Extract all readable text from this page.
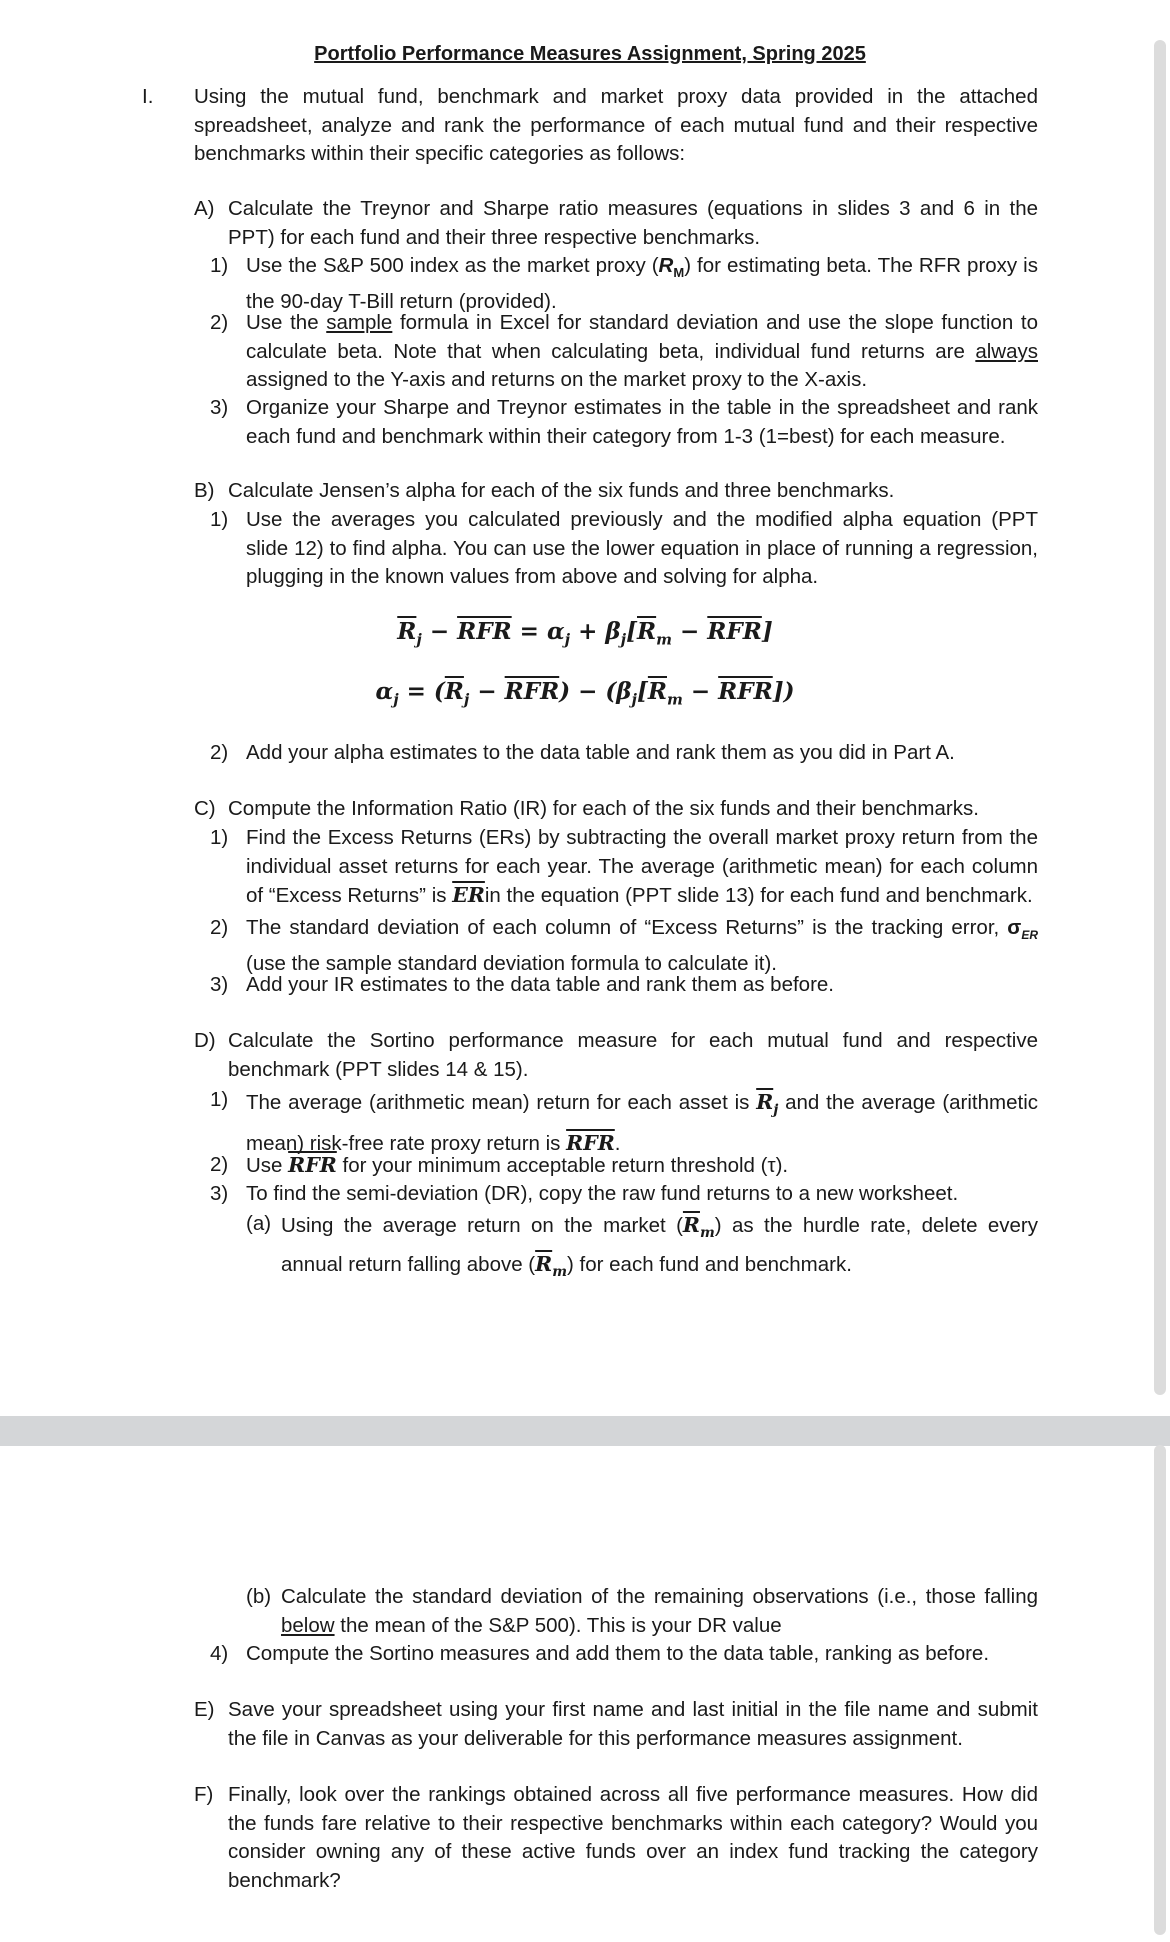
Portfolio Performance Measures Assignment, Spring 2025
I. Using the mutual fund, benchmark and market proxy data provided in the attached spreadsheet, analyze and rank the performance of each mutual fund and their respective benchmarks within their specific categories as follows:
A) Calculate the Treynor and Sharpe ratio measures (equations in slides 3 and 6 in the PPT) for each fund and their three respective benchmarks.
1) Use the S&P 500 index as the market proxy $(R_M)$ for estimating beta. The RFR proxy is the 90-day T-Bill return (provided).
2) Use the sample formula in Excel for standard deviation and use the slope function to calculate beta. Note that when calculating beta, individual fund returns are always assigned to the Y-axis and returns on the market proxy to the X-axis.
3) Organize your Sharpe and Treynor estimates in the table in the spreadsheet and rank each fund and benchmark within their category from 1-3 (1=best) for each measure.
B) Calculate Jensen’s alpha for each of the six funds and three benchmarks.
1) Use the averages you calculated previously and the modified alpha equation (PPT slide 12) to find alpha. You can use the lower equation in place of running a regression, plugging in the known values from above and solving for alpha.
$\overline{R}_j - \overline{RFR} = \alpha_j + \beta_j[\overline{R}_m - \overline{RFR}]$
$\alpha_j = (\overline{R}_j - \overline{RFR}) - (\beta_j[\overline{R}_m - \overline{RFR}])$
2) Add your alpha estimates to the data table and rank them as you did in Part A.
C) Compute the Information Ratio (IR) for each of the six funds and their benchmarks.
1) Find the Excess Returns (ERs) by subtracting the overall market proxy return from the individual asset returns for each year. The average (arithmetic mean) for each column of “Excess Returns” is $\overline{ER}in$ the equation (PPT slide 13) for each fund and benchmark.
2) The standard deviation of each column of “Excess Returns” is the tracking error, $\sigma_{ER}$ (use the sample standard deviation formula to calculate it).
3) Add your IR estimates to the data table and rank them as before.
D) Calculate the Sortino performance measure for each mutual fund and respective benchmark (PPT slides 14 & 15).
1) The average (arithmetic mean) return for each asset is $\overline{R}_j$ and the average (arithmetic mean) risk-free rate proxy return is $\overline{RFR}$.
2) Use $\overline{RFR}$ for your minimum acceptable return threshold (τ).
3) To find the semi-deviation (DR), copy the raw fund returns to a new worksheet.
(a) Using the average return on the market $(\overline{R}_m)$ as the hurdle rate, delete every annual return falling above $(\overline{R}_m)$ for each fund and benchmark.
(b) Calculate the standard deviation of the remaining observations (i.e., those falling below the mean of the S&P 500). This is your DR value
4) Compute the Sortino measures and add them to the data table, ranking as before.
E) Save your spreadsheet using your first name and last initial in the file name and submit the file in Canvas as your deliverable for this performance measures assignment.
F) Finally, look over the rankings obtained across all five performance measures. How did the funds fare relative to their respective benchmarks within each category? Would you consider owning any of these active funds over an index fund tracking the category benchmark?
